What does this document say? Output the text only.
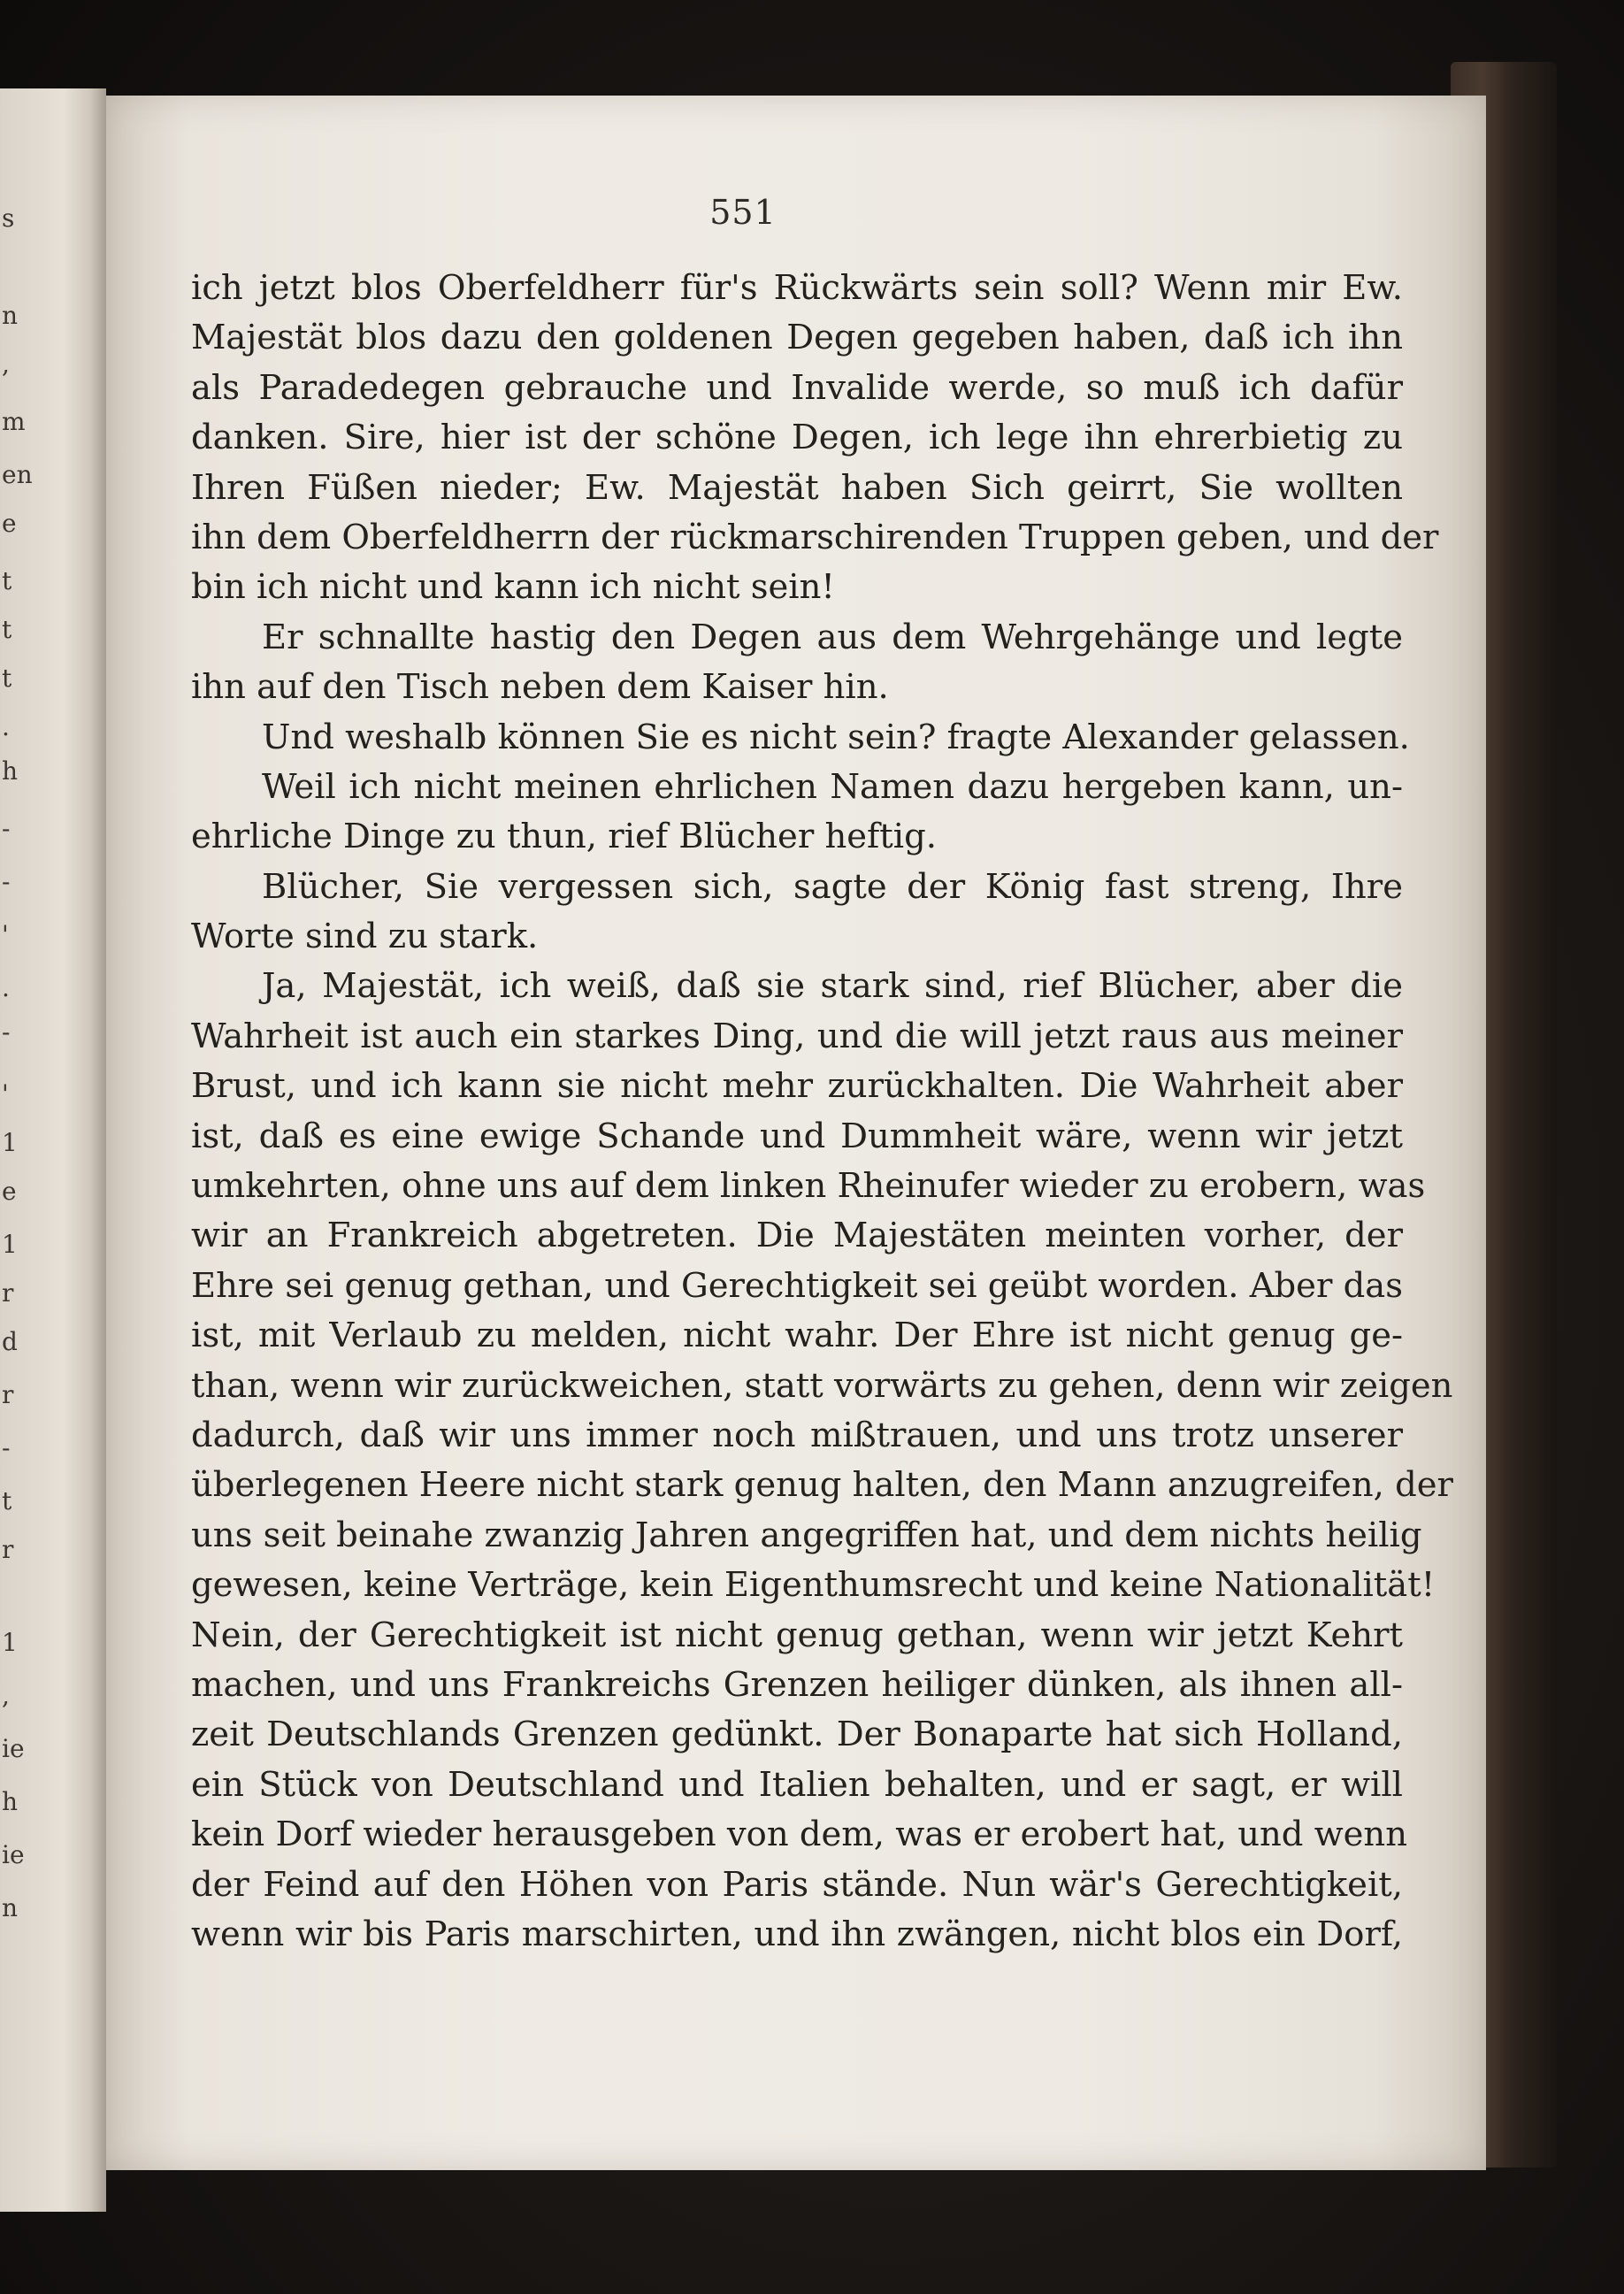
s
n
,
m
en
e
t
t
t
.
h
-
-
'
.
-
'
1
e
1
r
d
r
-
t
r
1
,
ie
h
ie
n
551
ich jetzt blos Oberfeldherr für's Rückwärts sein soll? Wenn mir Ew.
Majestät blos dazu den goldenen Degen gegeben haben, daß ich ihn
als Paradedegen gebrauche und Invalide werde, so muß ich dafür
danken. Sire, hier ist der schöne Degen, ich lege ihn ehrerbietig zu
Ihren Füßen nieder; Ew. Majestät haben Sich geirrt, Sie wollten
ihn dem Oberfeldherrn der rückmarschirenden Truppen geben, und der
bin ich nicht und kann ich nicht sein!
Er schnallte hastig den Degen aus dem Wehrgehänge und legte
ihn auf den Tisch neben dem Kaiser hin.
Und weshalb können Sie es nicht sein? fragte Alexander gelassen.
Weil ich nicht meinen ehrlichen Namen dazu hergeben kann, un-
ehrliche Dinge zu thun, rief Blücher heftig.
Blücher, Sie vergessen sich, sagte der König fast streng, Ihre
Worte sind zu stark.
Ja, Majestät, ich weiß, daß sie stark sind, rief Blücher, aber die
Wahrheit ist auch ein starkes Ding, und die will jetzt raus aus meiner
Brust, und ich kann sie nicht mehr zurückhalten. Die Wahrheit aber
ist, daß es eine ewige Schande und Dummheit wäre, wenn wir jetzt
umkehrten, ohne uns auf dem linken Rheinufer wieder zu erobern, was
wir an Frankreich abgetreten. Die Majestäten meinten vorher, der
Ehre sei genug gethan, und Gerechtigkeit sei geübt worden. Aber das
ist, mit Verlaub zu melden, nicht wahr. Der Ehre ist nicht genug ge-
than, wenn wir zurückweichen, statt vorwärts zu gehen, denn wir zeigen
dadurch, daß wir uns immer noch mißtrauen, und uns trotz unserer
überlegenen Heere nicht stark genug halten, den Mann anzugreifen, der
uns seit beinahe zwanzig Jahren angegriffen hat, und dem nichts heilig
gewesen, keine Verträge, kein Eigenthumsrecht und keine Nationalität!
Nein, der Gerechtigkeit ist nicht genug gethan, wenn wir jetzt Kehrt
machen, und uns Frankreichs Grenzen heiliger dünken, als ihnen all-
zeit Deutschlands Grenzen gedünkt. Der Bonaparte hat sich Holland,
ein Stück von Deutschland und Italien behalten, und er sagt, er will
kein Dorf wieder herausgeben von dem, was er erobert hat, und wenn
der Feind auf den Höhen von Paris stände. Nun wär's Gerechtigkeit,
wenn wir bis Paris marschirten, und ihn zwängen, nicht blos ein Dorf,
